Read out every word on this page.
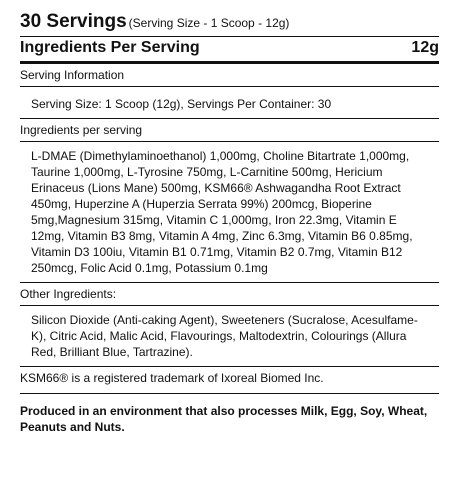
30 Servings (Serving Size - 1 Scoop - 12g)
Ingredients Per Serving	12g
Serving Information
Serving Size: 1 Scoop (12g), Servings Per Container: 30
Ingredients per serving
L-DMAE (Dimethylaminoethanol) 1,000mg, Choline Bitartrate 1,000mg, Taurine 1,000mg, L-Tyrosine 750mg, L-Carnitine 500mg, Hericium Erinaceus (Lions Mane) 500mg, KSM66® Ashwagandha Root Extract 450mg, Huperzine A (Huperzia Serrata 99%) 200mcg, Bioperine 5mg,Magnesium 315mg, Vitamin C 1,000mg, Iron 22.3mg, Vitamin E 12mg, Vitamin B3 8mg, Vitamin A 4mg, Zinc 6.3mg, Vitamin B6 0.85mg, Vitamin D3 100iu, Vitamin B1 0.71mg, Vitamin B2 0.7mg, Vitamin B12 250mcg, Folic Acid 0.1mg, Potassium 0.1mg
Other Ingredients:
Silicon Dioxide (Anti-caking Agent), Sweeteners (Sucralose, Acesulfame-K), Citric Acid, Malic Acid, Flavourings, Maltodextrin, Colourings (Allura Red, Brilliant Blue, Tartrazine).
KSM66® is a registered trademark of Ixoreal Biomed Inc.
Produced in an environment that also processes Milk, Egg, Soy, Wheat, Peanuts and Nuts.
